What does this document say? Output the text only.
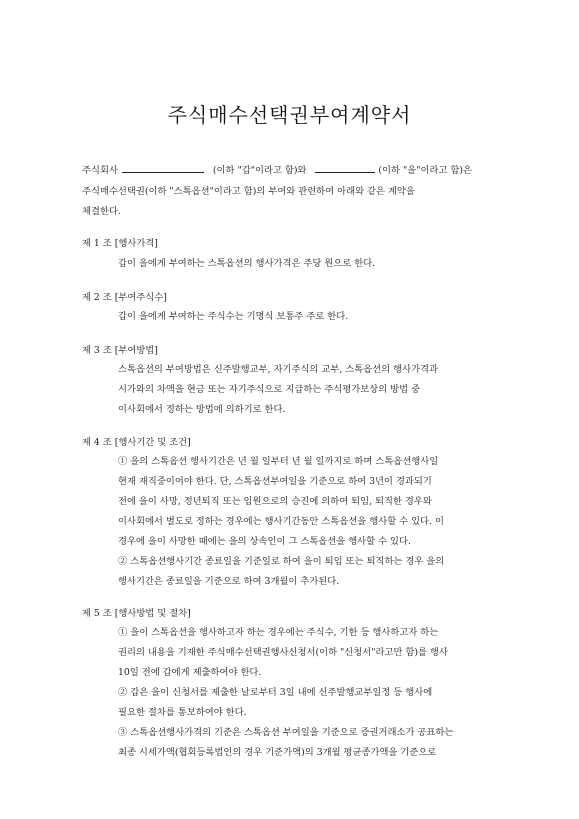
주식매수선택권부여계약서
주식회사	(이하 "갑"이라고 함)와	(이하 "을"이라고 함)은
주식매수선택권(이하 "스톡옵션"이라고 함)의 부여와 관련하여 아래와 같은 계약을
체결한다.
제 1 조 [행사가격]
갑이 을에게 부여하는 스톡옵션의 행사가격은 주당 원으로 한다.
제 2 조 [부여주식수]
갑이 을에게 부여하는 주식수는 기명식 보통주 주로 한다.
제 3 조 [부여방법]
스톡옵션의 부여방법은 신주발행교부, 자기주식의 교부, 스톡옵션의 행사가격과
시가와의 차액을 현금 또는 자기주식으로 지급하는 주식평가보상의 방법 중
이사회에서 정하는 방법에 의하기로 한다.
제 4 조 [행사기간 및 조건]
① 을의 스톡옵션 행사기간은 년 월 일부터 년 월 일까지로 하며 스톡옵션행사일
현재 재직중이어야 한다. 단, 스톡옵션부여일을 기준으로 하여 3년이 경과되기
전에 을이 사망, 정년퇴직 또는 임원으로의 승진에 의하여 퇴임, 퇴직한 경우와
이사회에서 별도로 정하는 경우에는 행사기간동안 스톡옵션을 행사할 수 있다. 이
경우에 을이 사망한 때에는 을의 상속인이 그 스톡옵션을 행사할 수 있다.
② 스톡옵션행사기간 종료일을 기준일로 하여 을이 퇴임 또는 퇴직하는 경우 을의
행사기간은 종료일을 기준으로 하여 3개월이 추가된다.
제 5 조 [행사방법 및 절차]
① 을이 스톡옵션을 행사하고자 하는 경우에는 주식수, 기한 등 행사하고자 하는
권리의 내용을 기재한 주식매수선택권행사신청서(이하 "신청서"라고만 함)를 행사
10일 전에 갑에게 제출하여야 한다.
② 갑은 을이 신청서를 제출한 날로부터 3일 내에 신주발행교부일정 등 행사에
필요한 절차를 통보하여야 한다.
③ 스톡옵션행사가격의 기준은 스톡옵션 부여일을 기준으로 증권거래소가 공표하는
최종 시세가액(협회등록법인의 경우 기준가액)의 3개월 평균종가액을 기준으로
